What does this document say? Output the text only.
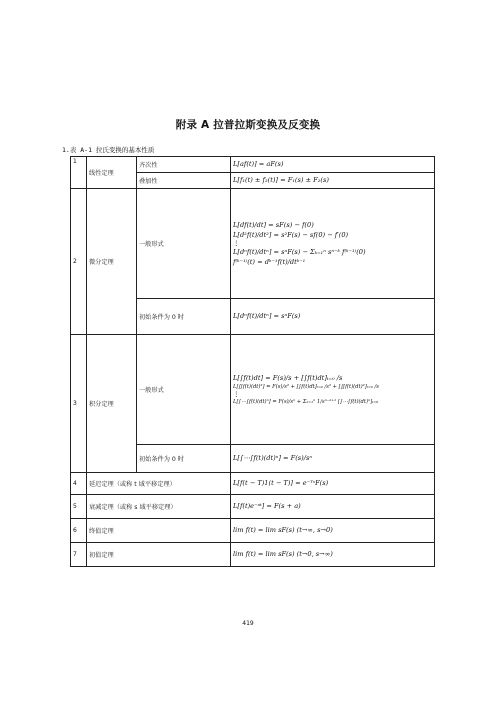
附录 A 拉普拉斯变换及反变换
1.表 A-1 拉氏变换的基本性质
1	线性定理	齐次性	L[af(t)] = aF(s)

		叠加性	L[f₁(t) ± f₂(t)] = F₁(s) ± F₂(s)

2	微分定理	一般形式	L[df(t)/dt] = sF(s) − f(0)
L[d²f(t)/dt²] = s²F(s) − sf(0) − f′(0)
⋮
L[dⁿf(t)/dtⁿ] = sⁿF(s) − Σₖ₌₁ⁿ sⁿ⁻ᵏ f⁽ᵏ⁻¹⁾(0)
f⁽ᵏ⁻¹⁾(t) = dᵏ⁻¹f(t)/dtᵏ⁻¹

		初始条件为 0 时	L[dⁿf(t)/dtⁿ] = sⁿF(s)

3	积分定理	一般形式	L[∫f(t)dt] = F(s)/s + [∫f(t)dt]ₜ₌₀ /s
L[∬f(t)(dt)²] = F(s)/s² + [∫f(t)dt]ₜ₌₀ /s² + [∬f(t)(dt)²]ₜ₌₀ /s
⋮
L[∫⋯∫f(t)(dt)ⁿ] = F(s)/sⁿ + Σₖ₌₁ⁿ 1/sⁿ⁻ᵏ⁺¹ [∫⋯∫f(t)(dt)ⁿ]ₜ₌₀

		初始条件为 0 时	L[∫⋯∫f(t)(dt)ⁿ] = F(s)/sⁿ

4	延迟定理（或称 t 域平移定理）		L[f(t − T)1(t − T)] = e⁻ᵀˢF(s)

5	衰减定理（或称 s 域平移定理）		L[f(t)e⁻ᵃᵗ] = F(s + a)

6	终值定理		lim f(t) = lim sF(s) (t→∞, s→0)

7	初值定理		lim f(t) = lim sF(s) (t→0, s→∞)
419
